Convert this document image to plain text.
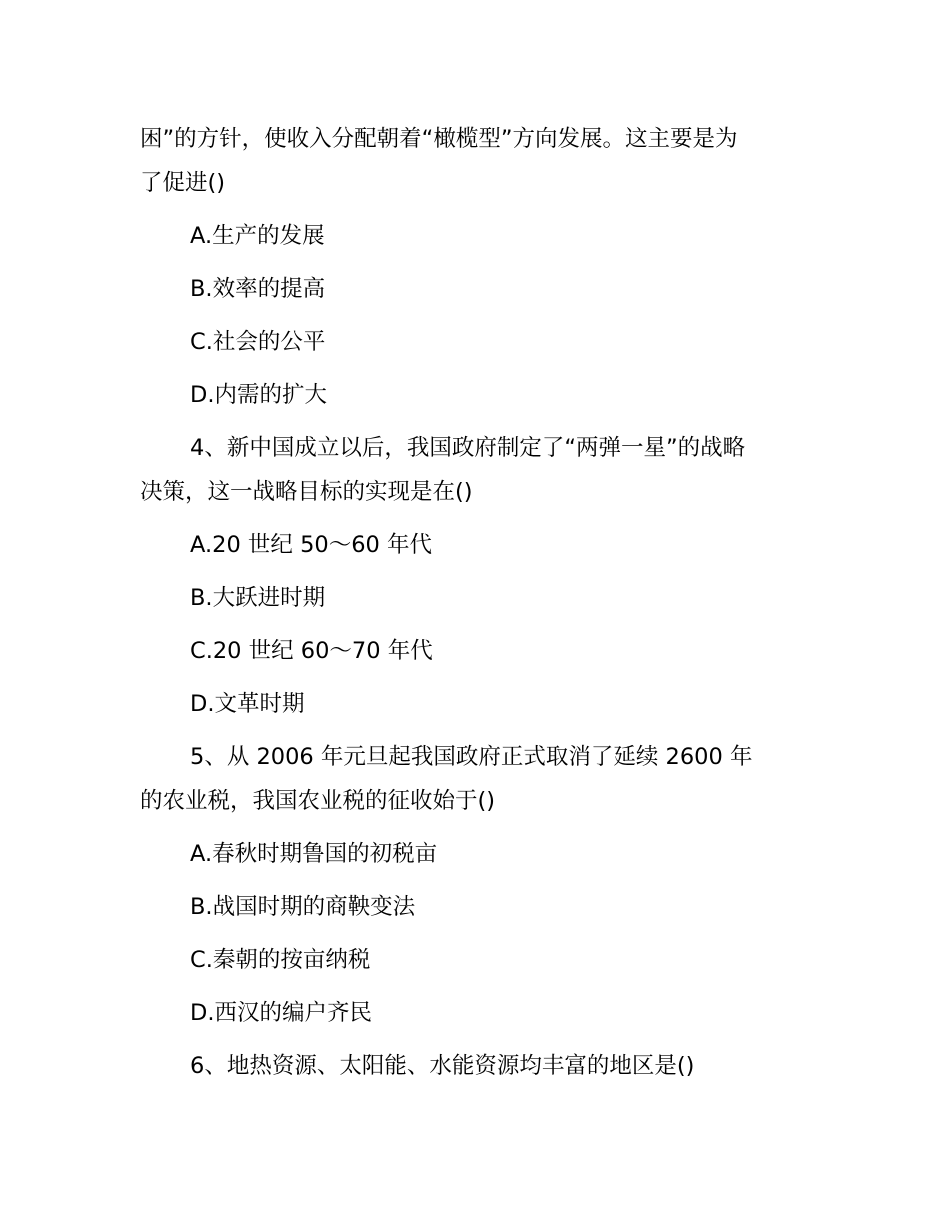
困”的方针，使收入分配朝着“橄榄型”方向发展。这主要是为

了促进()

A.生产的发展

B.效率的提高

C.社会的公平

D.内需的扩大

4、新中国成立以后，我国政府制定了“两弹一星”的战略

决策，这一战略目标的实现是在()

A.20 世纪 50～60 年代

B.大跃进时期

C.20 世纪 60～70 年代

D.文革时期

5、从 2006 年元旦起我国政府正式取消了延续 2600 年

的农业税，我国农业税的征收始于()

A.春秋时期鲁国的初税亩

B.战国时期的商鞅变法

C.秦朝的按亩纳税

D.西汉的编户齐民

6、地热资源、太阳能、水能资源均丰富的地区是()
